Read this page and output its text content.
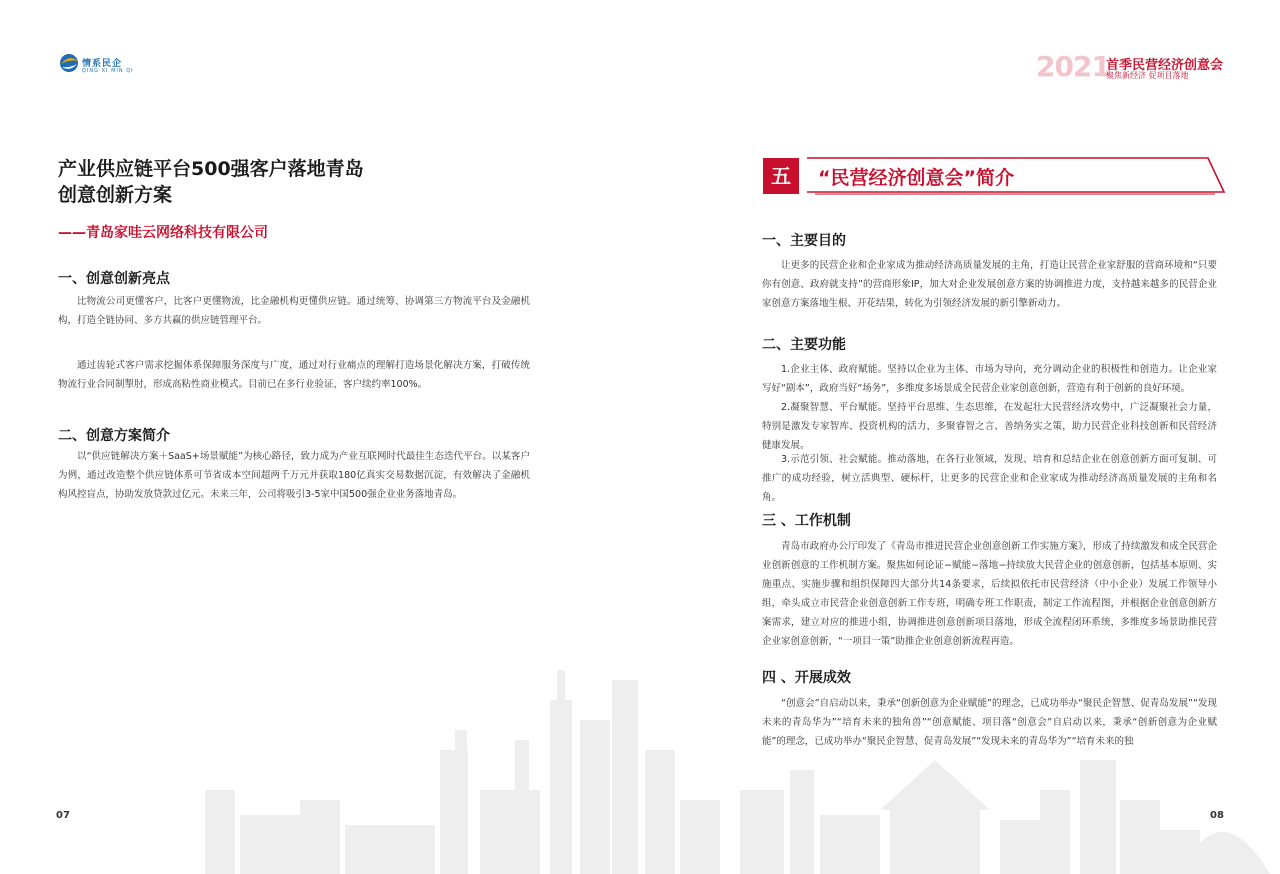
情系民企
QING XI MIN QI
产业供应链平台500强客户落地青岛
创意创新方案
——青岛家哇云网络科技有限公司
一、创意创新亮点
比物流公司更懂客户，比客户更懂物流，比金融机构更懂供应链。通过统筹、协调第三方物流平台及金融机构，打造全链协同、多方共赢的供应链管理平台。
通过齿轮式客户需求挖掘体系保障服务深度与广度，通过对行业痛点的理解打造场景化解决方案，打破传统物流行业合同制掣肘，形成高粘性商业模式。目前已在多行业验证，客户续约率100%。
二、创意方案简介
以“供应链解决方案＋SaaS+场景赋能”为核心路径，致力成为产业互联网时代最佳生态迭代平台。以某客户为例，通过改造整个供应链体系可节省成本空间超两千万元并获取180亿真实交易数据沉淀，有效解决了金融机构风控盲点，协助发放贷款过亿元。未来三年，公司将吸引3-5家中国500强企业业务落地青岛。
07
2021
首季民营经济创意会
聚焦新经济 促项目落地
五	“民营经济创意会”简介
一、主要目的
让更多的民营企业和企业家成为推动经济高质量发展的主角，打造让民营企业家舒服的营商环境和“只要你有创意、政府就支持”的营商形象IP，加大对企业发展创意方案的协调推进力度，支持越来越多的民营企业家创意方案落地生根、开花结果，转化为引领经济发展的新引擎新动力。
二、主要功能
1.企业主体、政府赋能。坚持以企业为主体、市场为导向，充分调动企业的积极性和创造力。让企业家写好“剧本”，政府当好“场务”，多维度多场景成全民营企业家创意创新，营造有利于创新的良好环境。
2.凝聚智慧、平台赋能。坚持平台思维、生态思维，在发起壮大民营经济攻势中，广泛凝聚社会力量，特别是激发专家智库、投资机构的活力，多聚睿智之言、善纳务实之策，助力民营企业科技创新和民营经济健康发展。
3.示范引领、社会赋能。推动落地，在各行业领域，发现、培育和总结企业在创意创新方面可复制、可推广的成功经验，树立活典型、硬标杆，让更多的民营企业和企业家成为推动经济高质量发展的主角和名角。
三 、工作机制
青岛市政府办公厅印发了《青岛市推进民营企业创意创新工作实施方案》，形成了持续激发和成全民营企业创新创意的工作机制方案。聚焦如何论证−赋能−落地−持续放大民营企业的创意创新，包括基本原则、实施重点、实施步骤和组织保障四大部分共14条要求，后续拟依托市民营经济（中小企业）发展工作领导小组，牵头成立市民营企业创意创新工作专班，明确专班工作职责，制定工作流程图，并根据企业创意创新方案需求，建立对应的推进小组，协调推进创意创新项目落地，形成全流程闭环系统，多维度多场景助推民营企业家创意创新，“一项目一策”助推企业创意创新流程再造。
四 、开展成效
“创意会”自启动以来，秉承“创新创意为企业赋能”的理念，已成功举办“聚民企智慧、促青岛发展”“发现未来的青岛华为”“培育未来的独角兽”“创意赋能、项目落“创意会”自启动以来，秉承“创新创意为企业赋能”的理念，已成功举办“聚民企智慧、促青岛发展”“发现未来的青岛华为”“培育未来的独
08
